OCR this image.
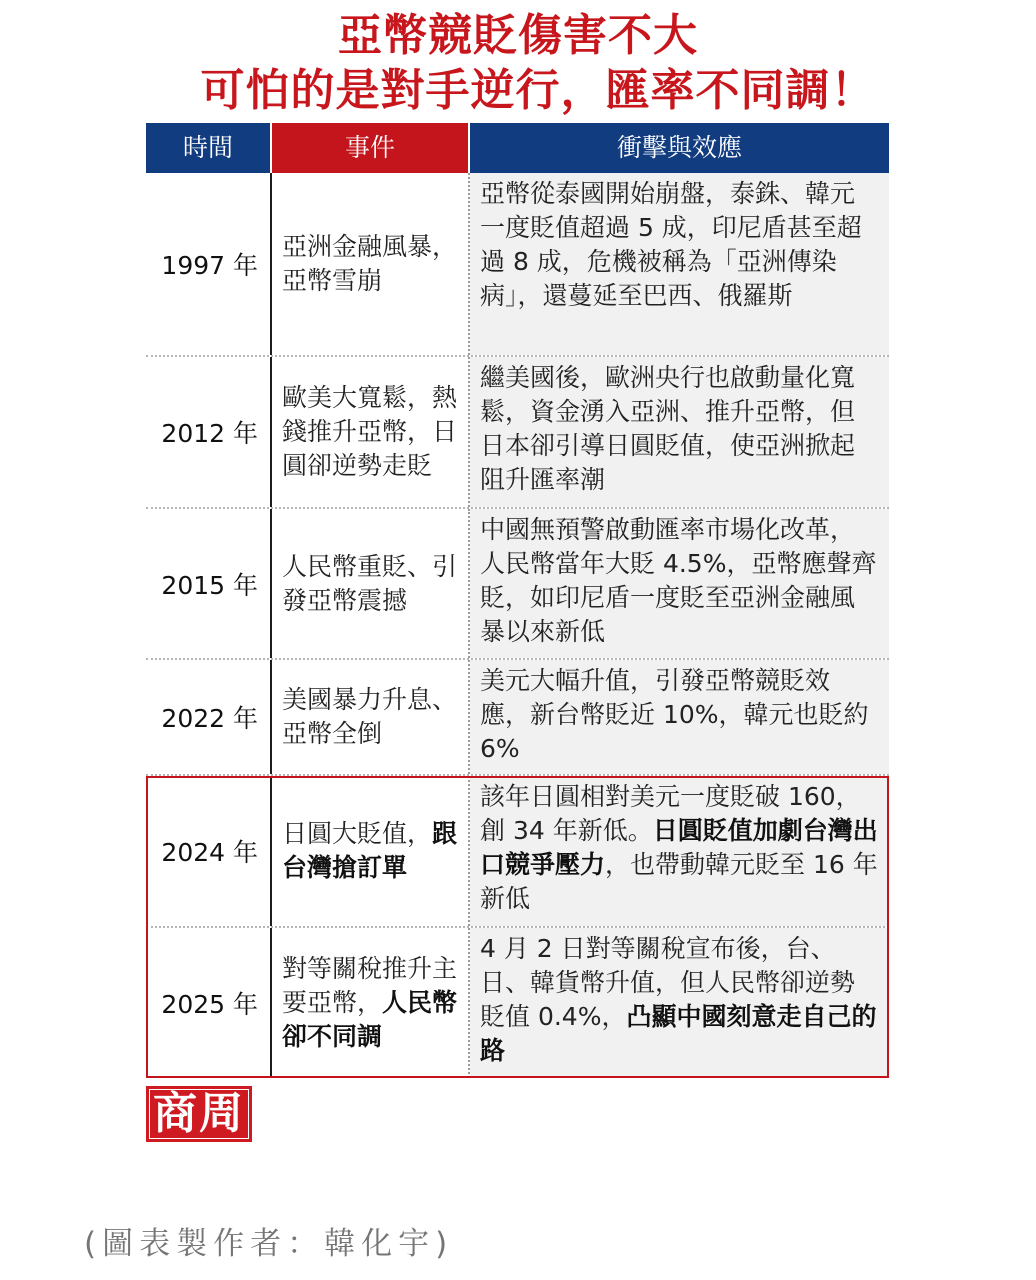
亞幣競貶傷害不大
可怕的是對手逆行，匯率不同調！
時間	事件	衝擊與效應
1997 年
亞洲金融風暴，亞幣雪崩
亞幣從泰國開始崩盤，泰銖、韓元一度貶值超過 5 成，印尼盾甚至超過 8 成，危機被稱為「亞洲傳染病」，還蔓延至巴西、俄羅斯
2012 年
歐美大寬鬆，熱錢推升亞幣，日圓卻逆勢走貶
繼美國後，歐洲央行也啟動量化寬鬆，資金湧入亞洲、推升亞幣，但日本卻引導日圓貶值，使亞洲掀起阻升匯率潮
2015 年
人民幣重貶、引發亞幣震撼
中國無預警啟動匯率市場化改革，人民幣當年大貶 4.5%，亞幣應聲齊貶，如印尼盾一度貶至亞洲金融風暴以來新低
2022 年
美國暴力升息、亞幣全倒
美元大幅升值，引發亞幣競貶效應，新台幣貶近 10%，韓元也貶約 6%
2024 年
日圓大貶值，跟台灣搶訂單
該年日圓相對美元一度貶破 160，創 34 年新低。日圓貶值加劇台灣出口競爭壓力，也帶動韓元貶至 16 年新低
2025 年
對等關稅推升主要亞幣，人民幣卻不同調
4 月 2 日對等關稅宣布後，台、日、韓貨幣升值，但人民幣卻逆勢貶值 0.4%，凸顯中國刻意走自己的路
商周
(圖表製作者：韓化宇)
